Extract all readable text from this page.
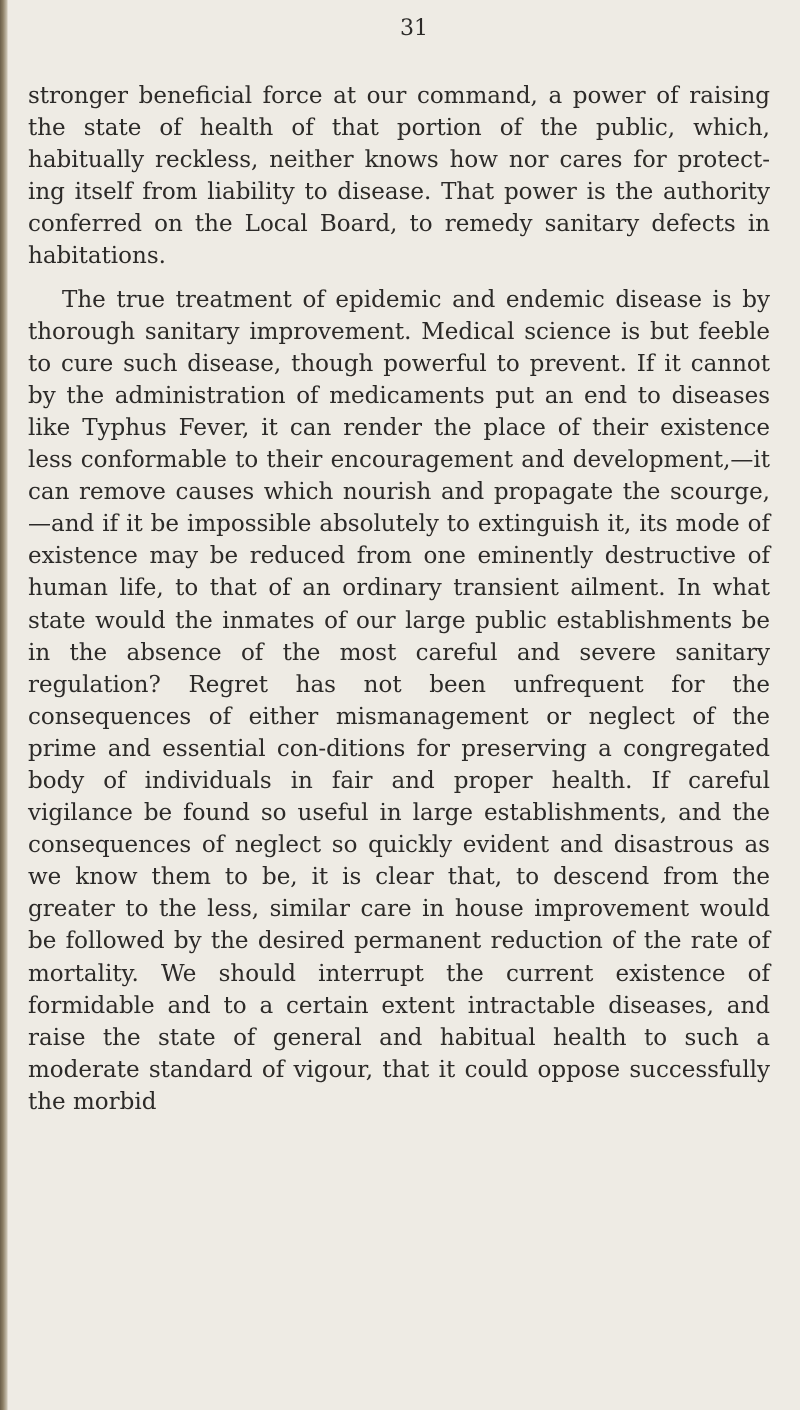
31

stronger beneficial force at our command, a power of raising the state of health of that portion of the public, which, habitually reckless, neither knows how nor cares for protect-ing itself from liability to disease. That power is the authority conferred on the Local Board, to remedy sanitary defects in habitations.

The true treatment of epidemic and endemic disease is by thorough sanitary improvement. Medical science is but feeble to cure such disease, though powerful to prevent. If it cannot by the administration of medicaments put an end to diseases like Typhus Fever, it can render the place of their existence less conformable to their encouragement and development,—it can remove causes which nourish and propagate the scourge,—and if it be impossible absolutely to extinguish it, its mode of existence may be reduced from one eminently destructive of human life, to that of an ordinary transient ailment. In what state would the inmates of our large public establishments be in the absence of the most careful and severe sanitary regulation? Regret has not been unfrequent for the consequences of either mismanagement or neglect of the prime and essential con-ditions for preserving a congregated body of individuals in fair and proper health. If careful vigilance be found so useful in large establishments, and the consequences of neglect so quickly evident and disastrous as we know them to be, it is clear that, to descend from the greater to the less, similar care in house improvement would be followed by the desired permanent reduction of the rate of mortality. We should interrupt the current existence of formidable and to a certain extent intractable diseases, and raise the state of general and habitual health to such a moderate standard of vigour, that it could oppose successfully the morbid
